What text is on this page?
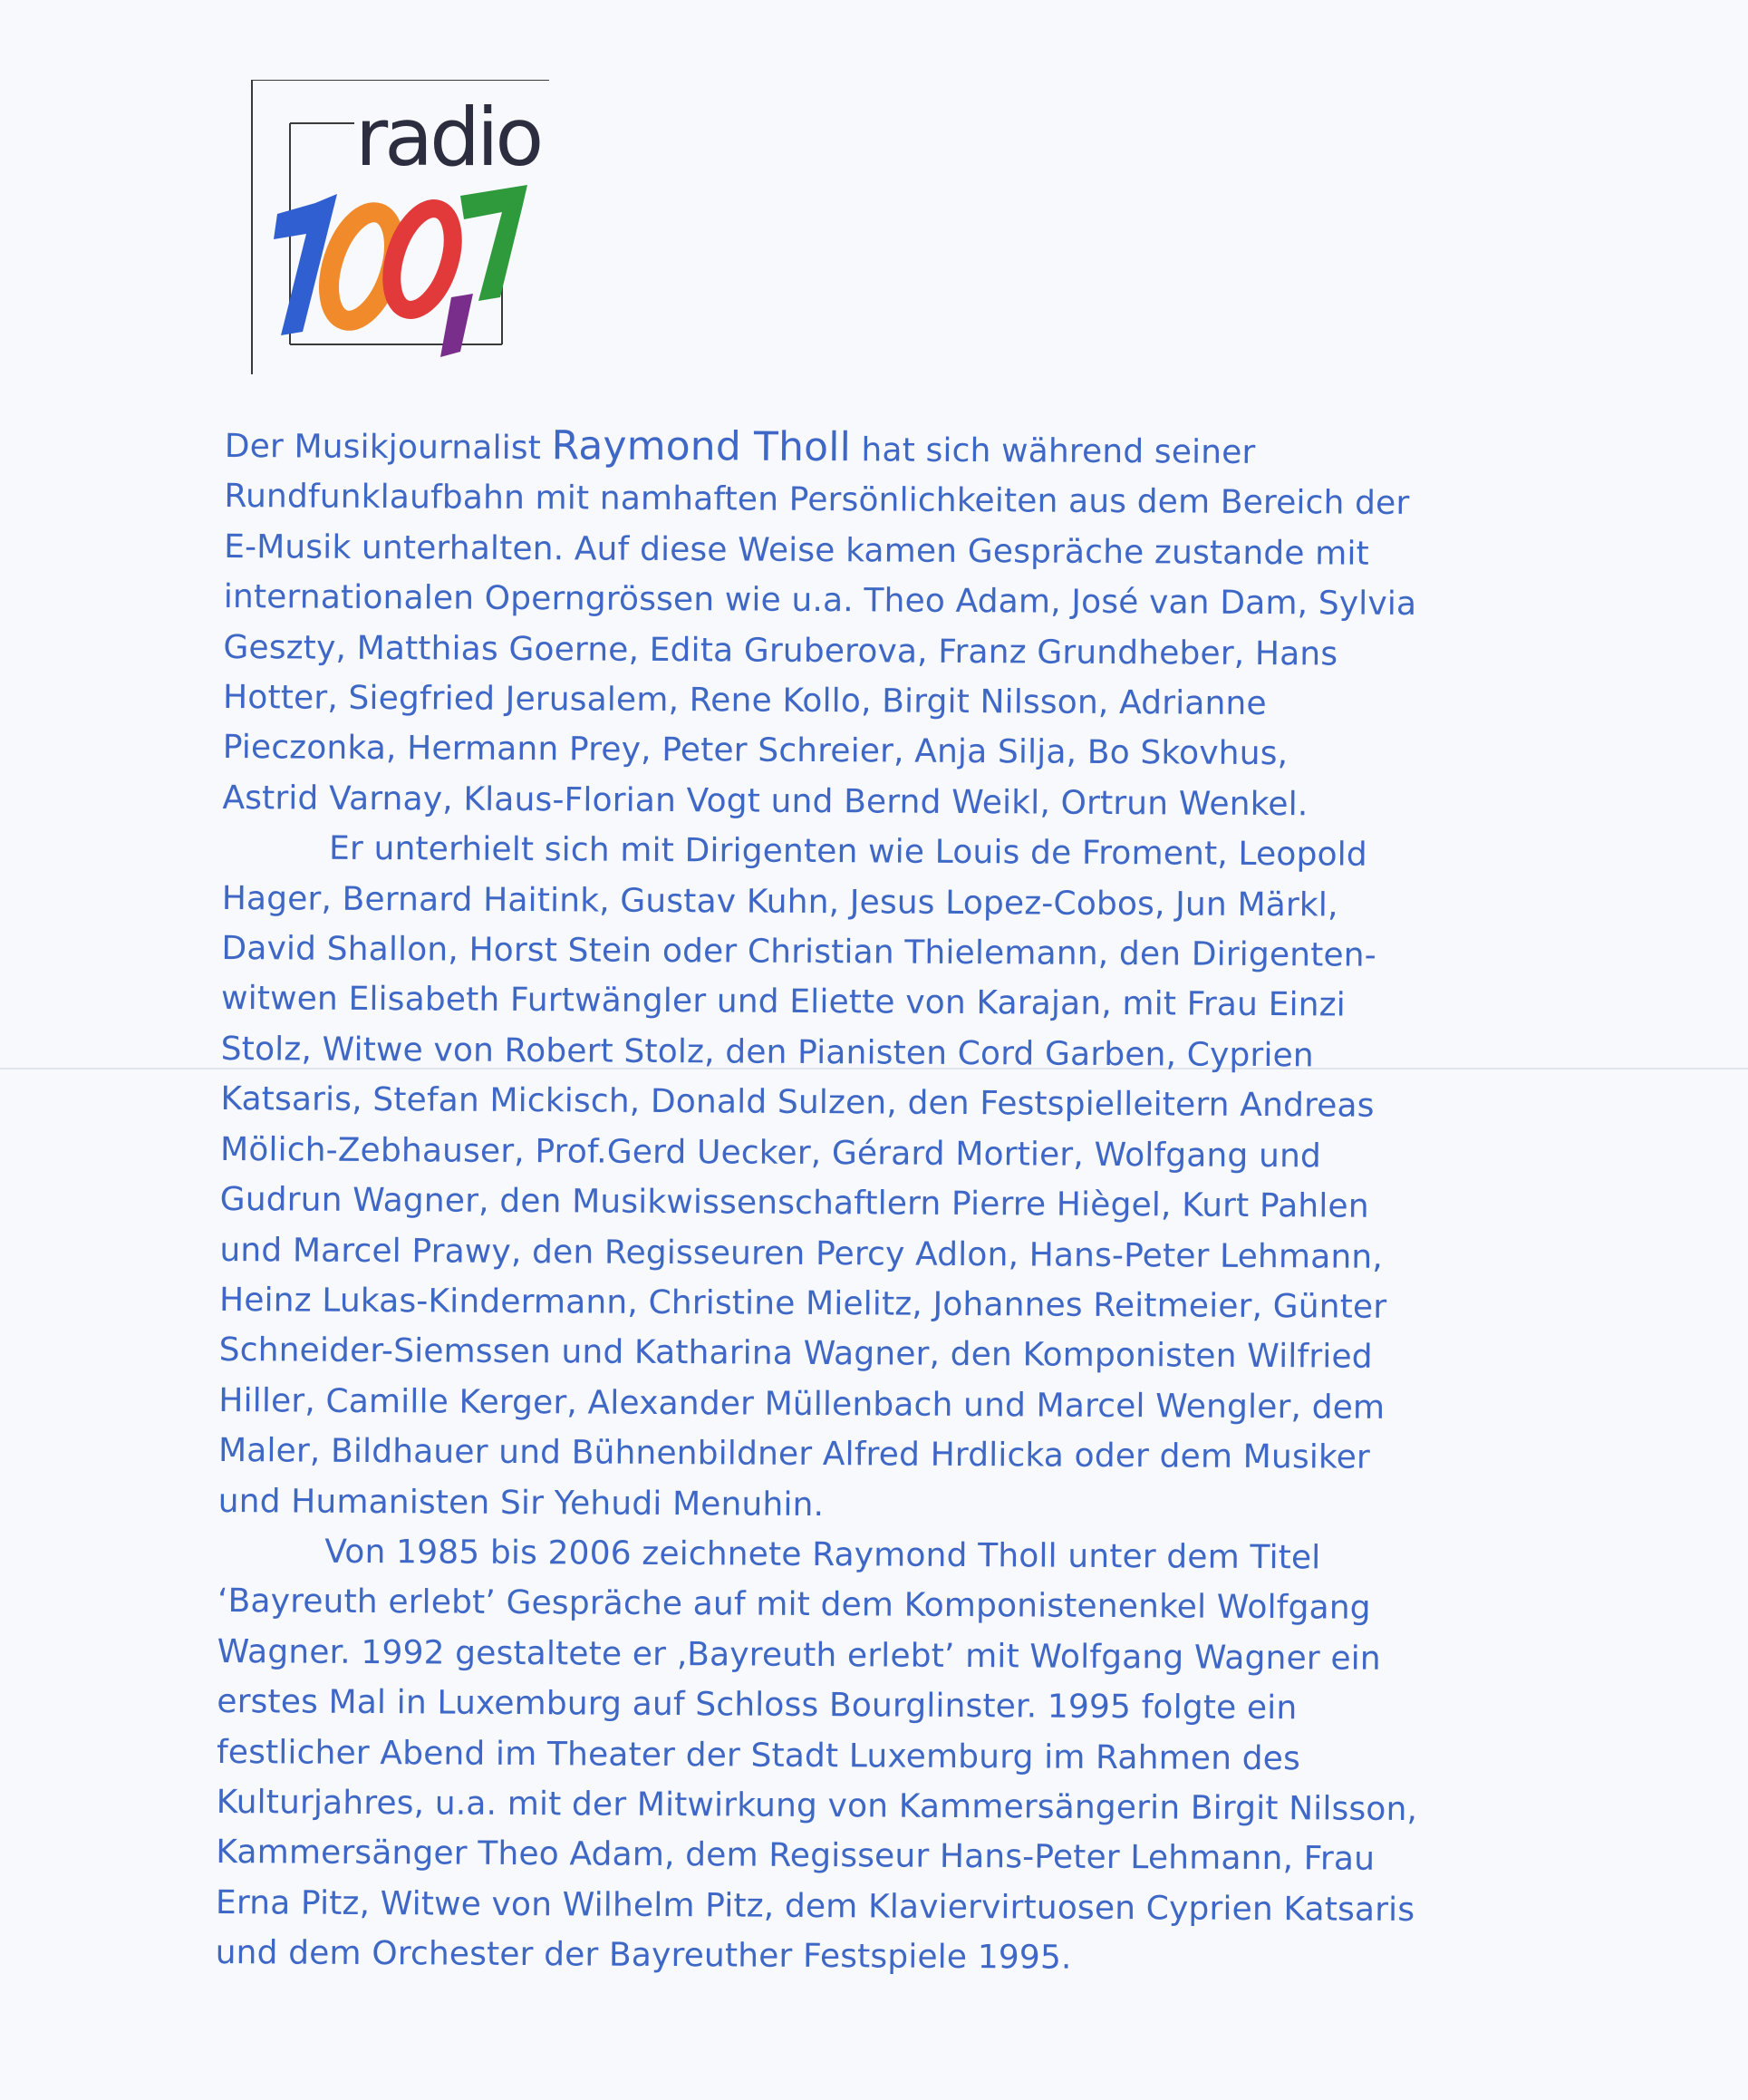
radio

Der Musikjournalist Raymond Tholl hat sich während seiner
Rundfunklaufbahn mit namhaften Persönlichkeiten aus dem Bereich der
E-Musik unterhalten. Auf diese Weise kamen Gespräche zustande mit
internationalen Operngrössen wie u.a. Theo Adam, José van Dam, Sylvia
Geszty, Matthias Goerne, Edita Gruberova, Franz Grundheber, Hans
Hotter, Siegfried Jerusalem, Rene Kollo, Birgit Nilsson, Adrianne
Pieczonka, Hermann Prey, Peter Schreier, Anja Silja, Bo Skovhus,
Astrid Varnay, Klaus-Florian Vogt und Bernd Weikl, Ortrun Wenkel.

Er unterhielt sich mit Dirigenten wie Louis de Froment, Leopold
Hager, Bernard Haitink, Gustav Kuhn, Jesus Lopez-Cobos, Jun Märkl,
David Shallon, Horst Stein oder Christian Thielemann, den Dirigenten-
witwen Elisabeth Furtwängler und Eliette von Karajan, mit Frau Einzi
Stolz, Witwe von Robert Stolz, den Pianisten Cord Garben, Cyprien
Katsaris, Stefan Mickisch, Donald Sulzen, den Festspielleitern Andreas
Mölich-Zebhauser, Prof.Gerd Uecker, Gérard Mortier, Wolfgang und
Gudrun Wagner, den Musikwissenschaftlern Pierre Hiègel, Kurt Pahlen
und Marcel Prawy, den Regisseuren Percy Adlon, Hans-Peter Lehmann,
Heinz Lukas-Kindermann, Christine Mielitz, Johannes Reitmeier, Günter
Schneider-Siemssen und Katharina Wagner, den Komponisten Wilfried
Hiller, Camille Kerger, Alexander Müllenbach und Marcel Wengler, dem
Maler, Bildhauer und Bühnenbildner Alfred Hrdlicka oder dem Musiker
und Humanisten Sir Yehudi Menuhin.

Von 1985 bis 2006 zeichnete Raymond Tholl unter dem Titel
‘Bayreuth erlebt’ Gespräche auf mit dem Komponistenenkel Wolfgang
Wagner. 1992 gestaltete er ‚Bayreuth erlebt’ mit Wolfgang Wagner ein
erstes Mal in Luxemburg auf Schloss Bourglinster. 1995 folgte ein
festlicher Abend im Theater der Stadt Luxemburg im Rahmen des
Kulturjahres, u.a. mit der Mitwirkung von Kammersängerin Birgit Nilsson,
Kammersänger Theo Adam, dem Regisseur Hans-Peter Lehmann, Frau
Erna Pitz, Witwe von Wilhelm Pitz, dem Klaviervirtuosen Cyprien Katsaris
und dem Orchester der Bayreuther Festspiele 1995.
